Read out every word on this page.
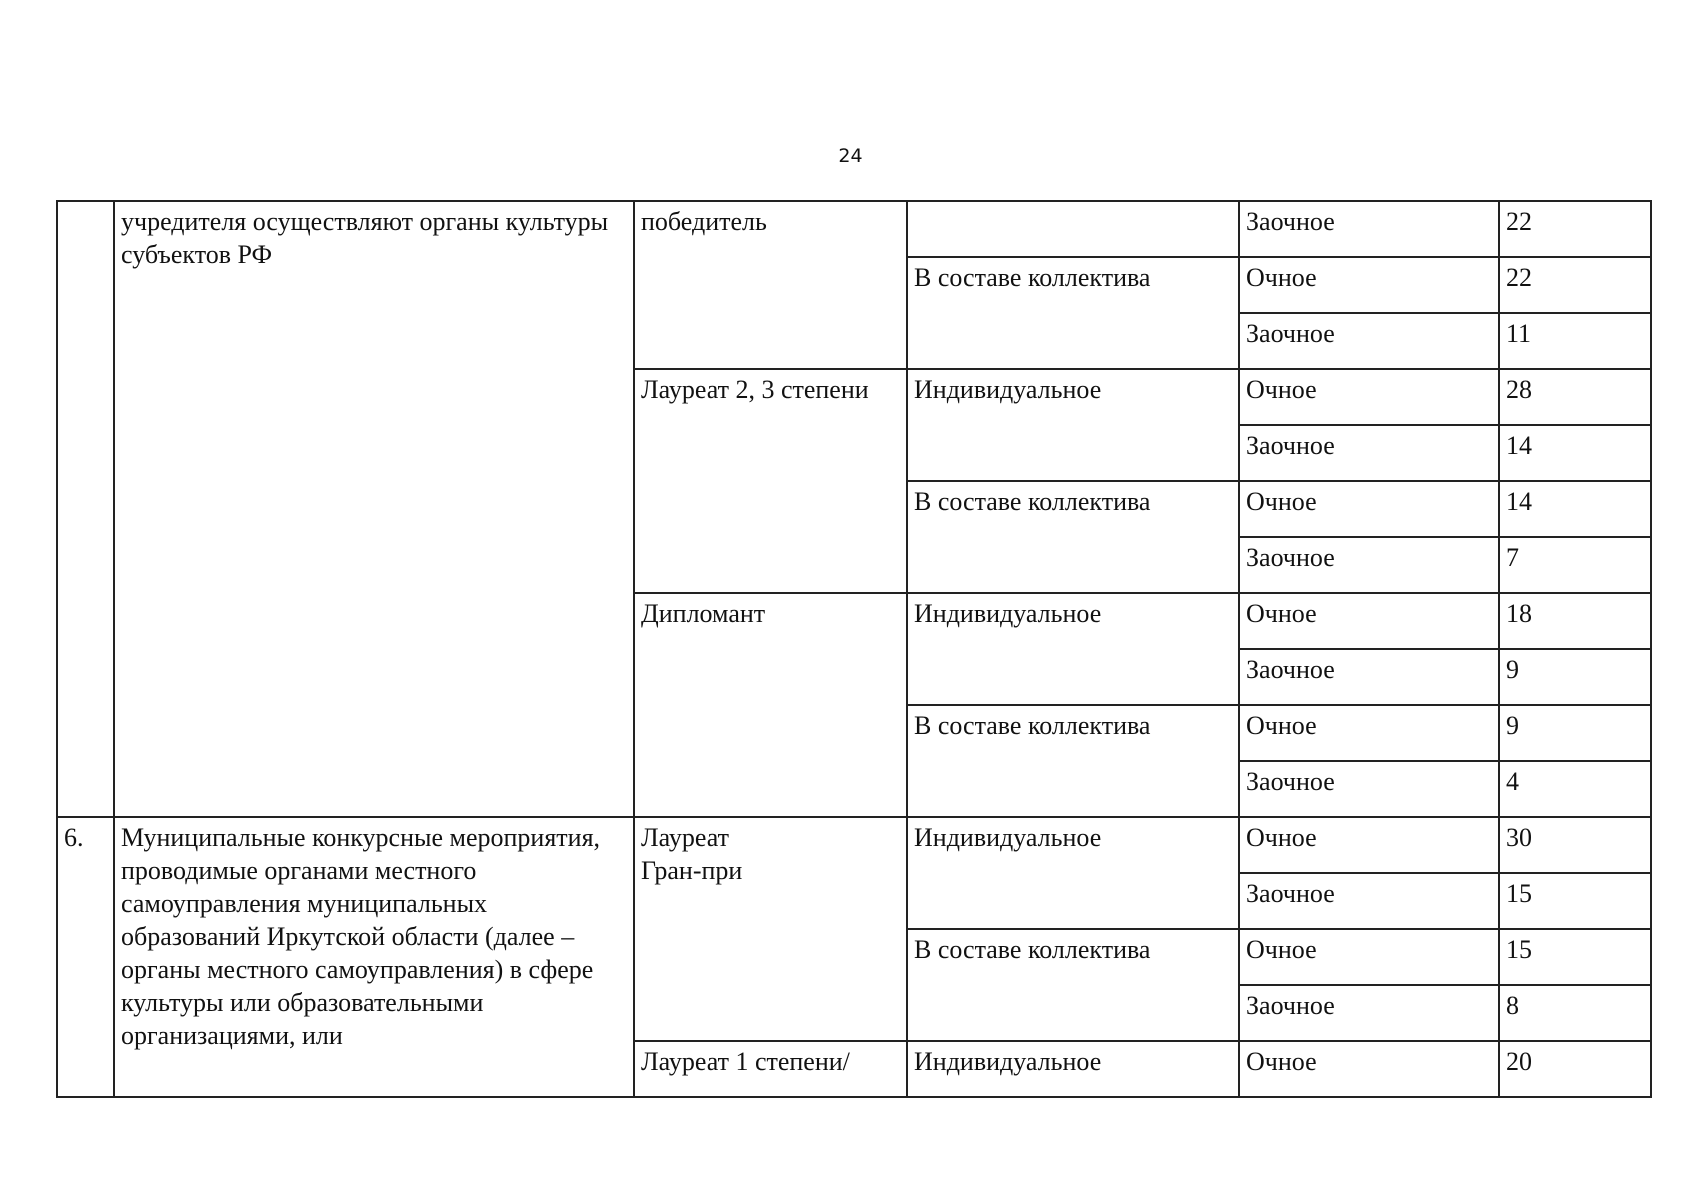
24
	учредителя осуществляют органы культуры субъектов РФ	победитель		Заочное	22
			В составе коллектива	Очное	22
				Заочное	11
		Лауреат 2, 3 степени	Индивидуальное	Очное	28
				Заочное	14
			В составе коллектива	Очное	14
				Заочное	7
		Дипломант	Индивидуальное	Очное	18
				Заочное	9
			В составе коллектива	Очное	9
				Заочное	4
6.	Муниципальные конкурсные мероприятия, проводимые органами местного самоуправления муниципальных образований Иркутской области (далее – органы местного самоуправления) в сфере культуры или образовательными организациями, или	Лауреат
Гран-при	Индивидуальное	Очное	30
				Заочное	15
			В составе коллектива	Очное	15
				Заочное	8
		Лауреат 1 степени/	Индивидуальное	Очное	20
